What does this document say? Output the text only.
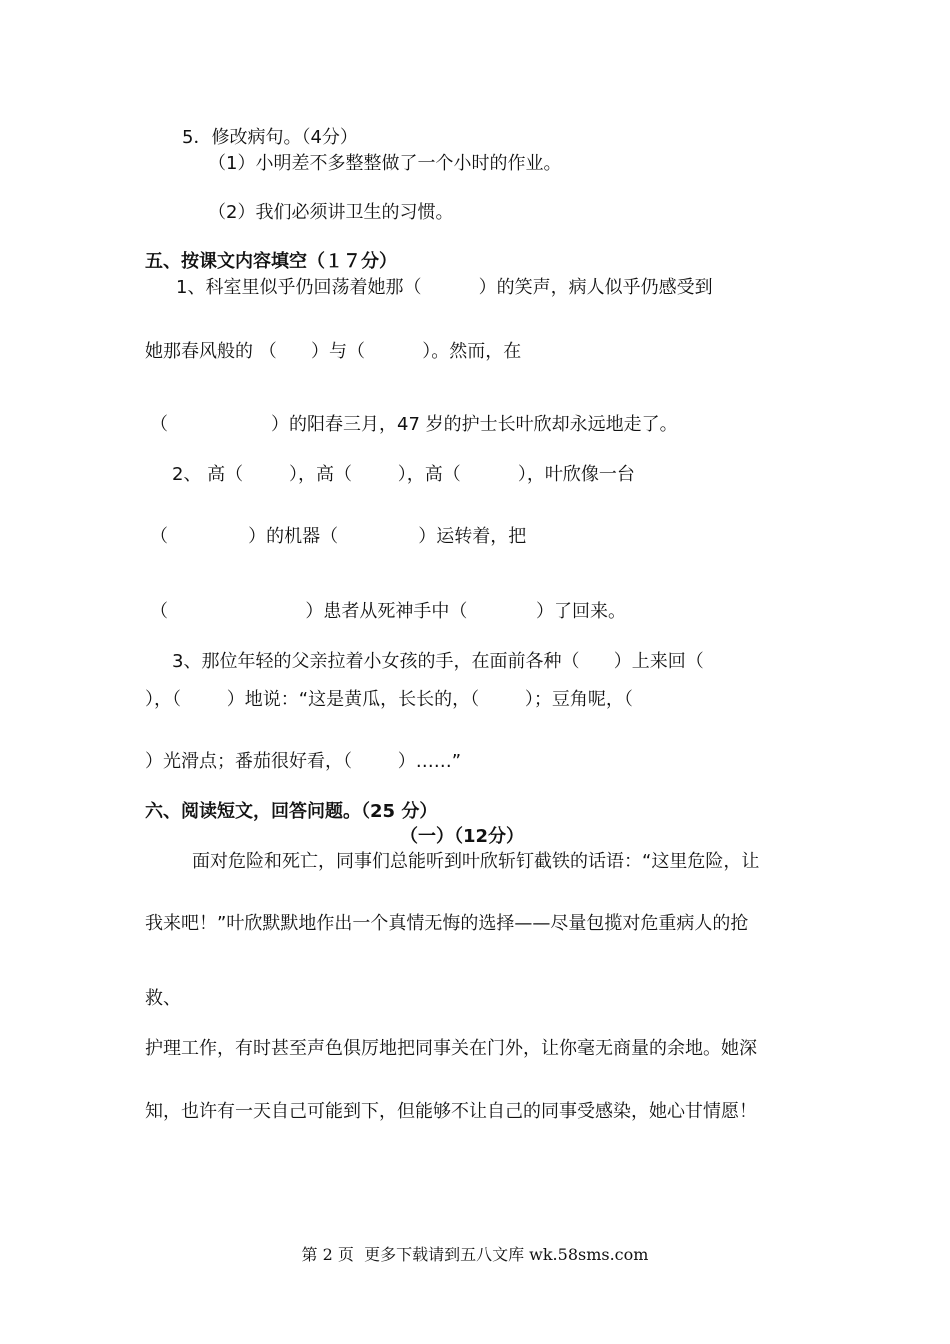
5．修改病句。（4分）
（1）小明差不多整整做了一个小时的作业。
（2）我们必须讲卫生的习惯。
五、按课文内容填空（１７分）
1、科室里似乎仍回荡着她那（          ）的笑声，病人似乎仍感受到
她那春风般的 （      ）与（          ）。然而，在
（                  ）的阳春三月，47 岁的护士长叶欣却永远地走了。
2、 高（        ），高（        ），高（          ），叶欣像一台
（              ）的机器（              ）运转着，把
（                        ）患者从死神手中（            ）了回来。
3、那位年轻的父亲拉着小女孩的手，在面前各种（      ）上来回（
），（        ）地说：“这是黄瓜，长长的，（        ）；豆角呢，（
）光滑点；番茄很好看，（        ）……”
六、阅读短文，回答问题。（25 分）
（一）（12分）
面对危险和死亡，同事们总能听到叶欣斩钉截铁的话语：“这里危险，让
我来吧！”叶欣默默地作出一个真情无悔的选择——尽量包揽对危重病人的抢
救、
护理工作，有时甚至声色俱厉地把同事关在门外，让你毫无商量的余地。她深
知，也许有一天自己可能到下，但能够不让自己的同事受感染，她心甘情愿！
第 2 页  更多下载请到五八文库 wk.58sms.com
